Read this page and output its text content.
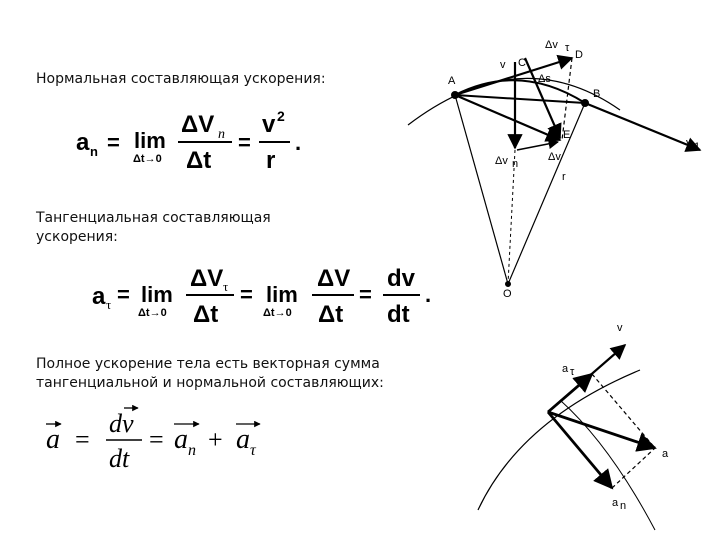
Нормальная составляющая ускорения:
Тангенциальная составляющая
ускорения:
Полное ускорение тела есть векторная сумма
тангенциальной и нормальной составляющих:
a n = lim
Δt→0
ΔV n
Δt
=
v 2
r
.
a τ = lim
Δt→0
ΔV τ
Δt
= lim
Δt→0
ΔV
Δt
=
dv
dt
.
a =
dv
dt
= a n + a τ
A
B
C
D
E
O
v
Δv τ
Δs
v 1
Δv n
Δv
r
v
a τ
a
a n
